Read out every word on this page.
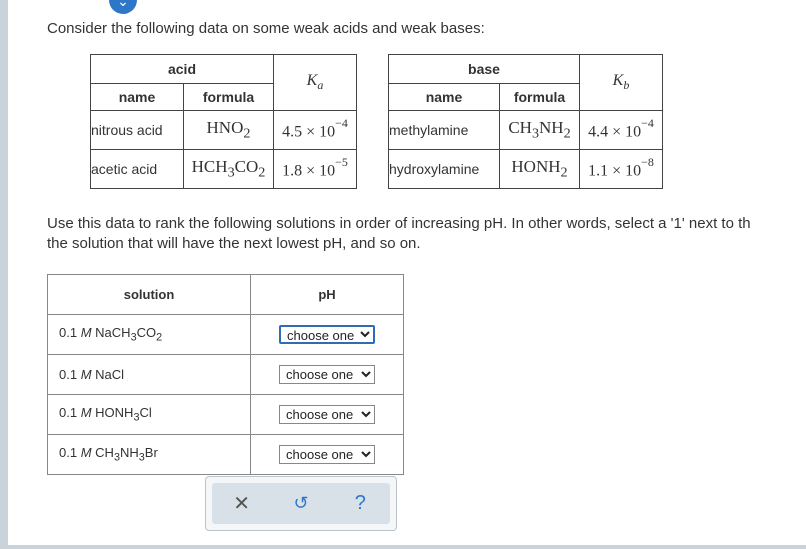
⌄
Consider the following data on some weak acids and weak bases:
acid		$K_a$
name	formula	
nitrous acid	$HNO_2$	$4.5 \times 10^{-4}$
acetic acid	$HCH_3CO_2$	$1.8 \times 10^{-5}$
base		$K_b$
name	formula	
methylamine	$CH_3NH_2$	$4.4 \times 10^{-4}$
hydroxylamine	$HONH_2$	$1.1 \times 10^{-8}$
Use this data to rank the following solutions in order of increasing pH. In other words, select a '1' next to th
the solution that will have the next lowest pH, and so on.
solution	pH
0.1 M $NaCH_3CO_2$	
choose one
0.1 M NaCl	
choose one
0.1 M $HONH_3Cl$	
choose one
0.1 M $CH_3NH_3Br$	
choose one
✕	↺	?
